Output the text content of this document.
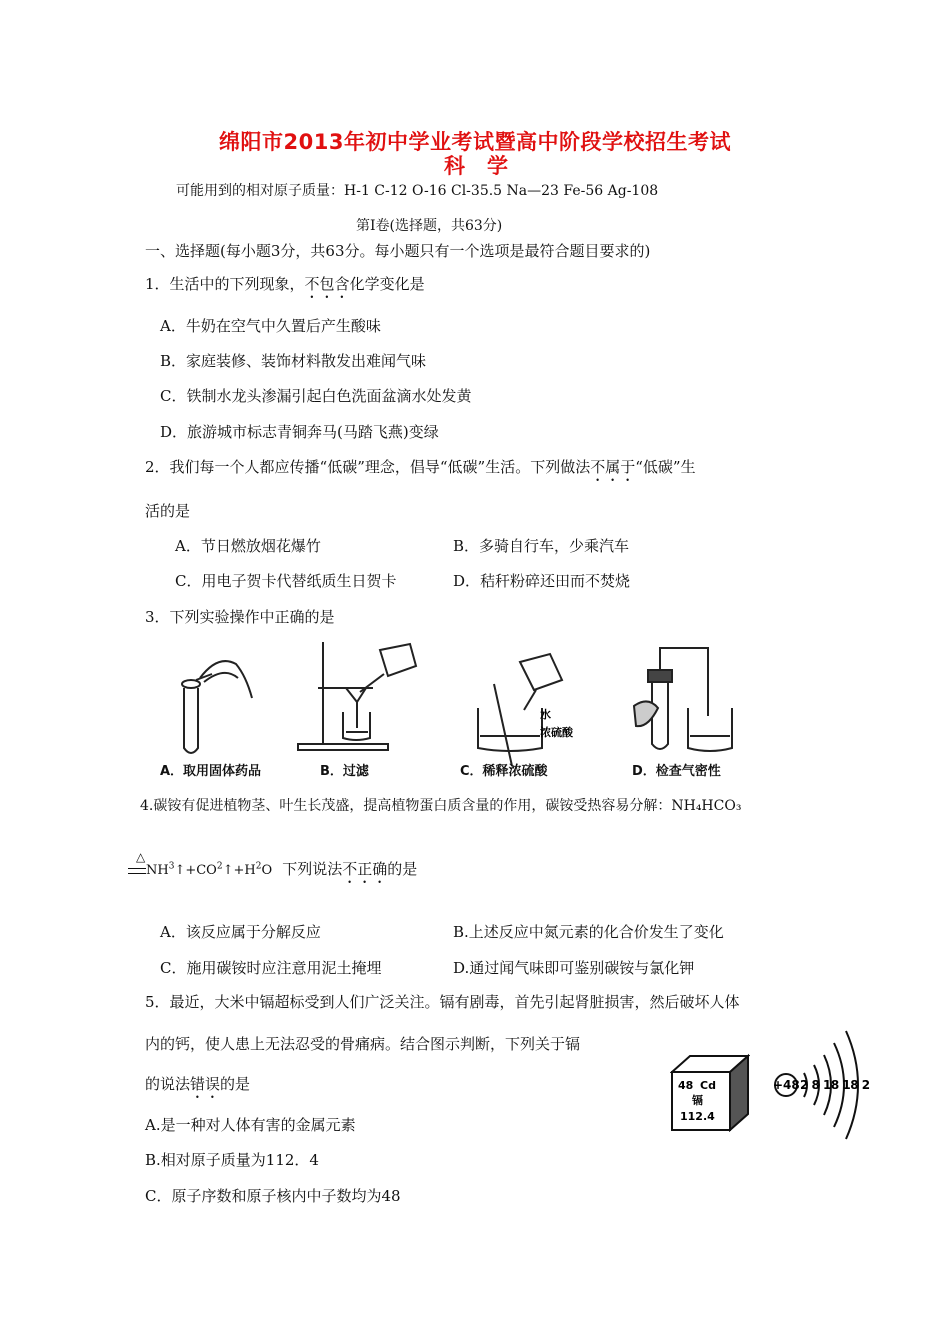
绵阳市2013年初中学业考试暨高中阶段学校招生考试
科　学
可能用到的相对原子质量：H-1 C-12 O-16 Cl-35.5 Na—23 Fe-56 Ag-108
第Ⅰ卷(选择题，共63分)
一、选择题(每小题3分，共63分。每小题只有一个选项是最符合题目要求的)
1．生活中的下列现象，不包含化学变化是
A．牛奶在空气中久置后产生酸味
B．家庭装修、装饰材料散发出难闻气味
C．铁制水龙头渗漏引起白色洗面盆滴水处发黄
D．旅游城市标志青铜奔马(马踏飞燕)变绿
2．我们每一个人都应传播“低碳”理念，倡导“低碳”生活。下列做法不属于“低碳”生
活的是
A．节日燃放烟花爆竹	B．多骑自行车，少乘汽车
C．用电子贺卡代替纸质生日贺卡	D．秸秆粉碎还田而不焚烧
3．下列实验操作中正确的是
水
浓硫酸
A．取用固体药品	B．过滤	C．稀释浓硫酸	D．检查气密性
4.碳铵有促进植物茎、叶生长茂盛，提高植物蛋白质含量的作用，碳铵受热容易分解：NH₄HCO₃
△
$NH^3↑+CO^2↑+H^2O$ 下列说法不正确的是
A．该反应属于分解反应	B.上述反应中氮元素的化合价发生了变化
C．施用碳铵时应注意用泥土掩埋	D.通过闻气味即可鉴别碳铵与氯化钾
5．最近，大米中镉超标受到人们广泛关注。镉有剧毒，首先引起肾脏损害，然后破坏人体
内的钙，使人患上无法忍受的骨痛病。结合图示判断，下列关于镉
的说法错误的是
A.是一种对人体有害的金属元素
B.相对原子质量为112．4
C．原子序数和原子核内中子数均为48
48 Cd
镉
112.4
+48 2 8 18 18 2
